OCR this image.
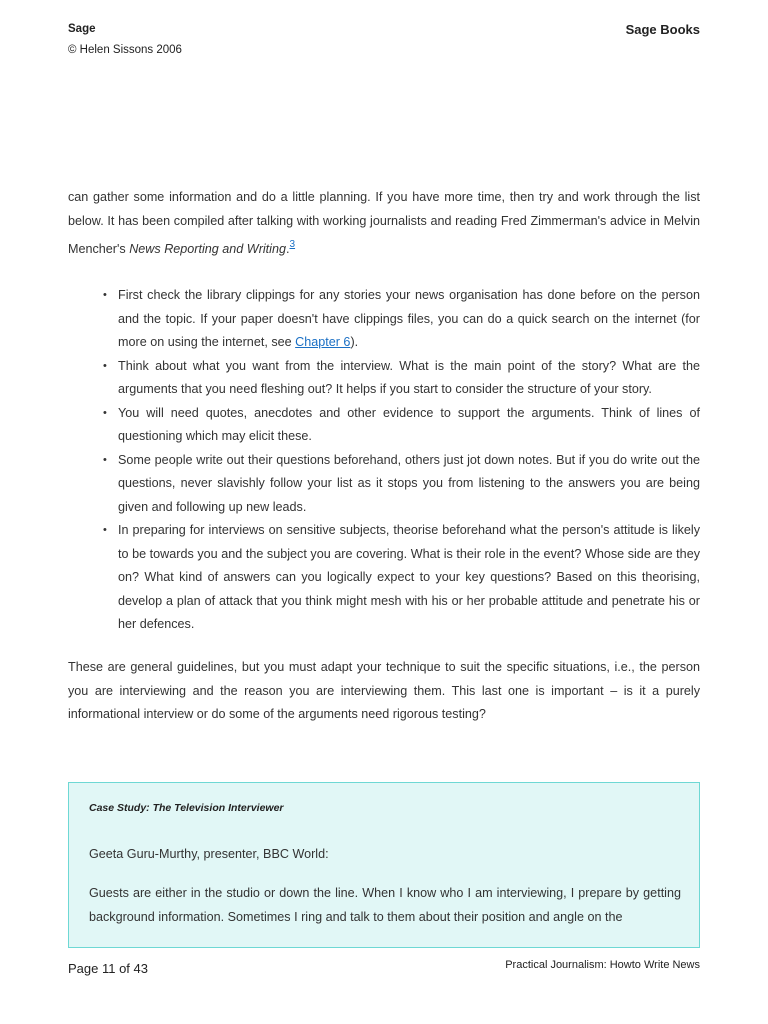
Sage
© Helen Sissons 2006
Sage Books
can gather some information and do a little planning. If you have more time, then try and work through the list below. It has been compiled after talking with working journalists and reading Fred Zimmerman's advice in Melvin Mencher's News Reporting and Writing.$^3$
• First check the library clippings for any stories your news organisation has done before on the person and the topic. If your paper doesn't have clippings files, you can do a quick search on the internet (for more on using the internet, see Chapter 6).
• Think about what you want from the interview. What is the main point of the story? What are the arguments that you need fleshing out? It helps if you start to consider the structure of your story.
• You will need quotes, anecdotes and other evidence to support the arguments. Think of lines of questioning which may elicit these.
• Some people write out their questions beforehand, others just jot down notes. But if you do write out the questions, never slavishly follow your list as it stops you from listening to the answers you are being given and following up new leads.
• In preparing for interviews on sensitive subjects, theorise beforehand what the person's attitude is likely to be towards you and the subject you are covering. What is their role in the event? Whose side are they on? What kind of answers can you logically expect to your key questions? Based on this theorising, develop a plan of attack that you think might mesh with his or her probable attitude and penetrate his or her defences.
These are general guidelines, but you must adapt your technique to suit the specific situations, i.e., the person you are interviewing and the reason you are interviewing them. This last one is important – is it a purely informational interview or do some of the arguments need rigorous testing?
Case Study: The Television Interviewer
Geeta Guru-Murthy, presenter, BBC World:
Guests are either in the studio or down the line. When I know who I am interviewing, I prepare by getting background information. Sometimes I ring and talk to them about their position and angle on the
Page 11 of 43	Practical Journalism: Howto Write News
